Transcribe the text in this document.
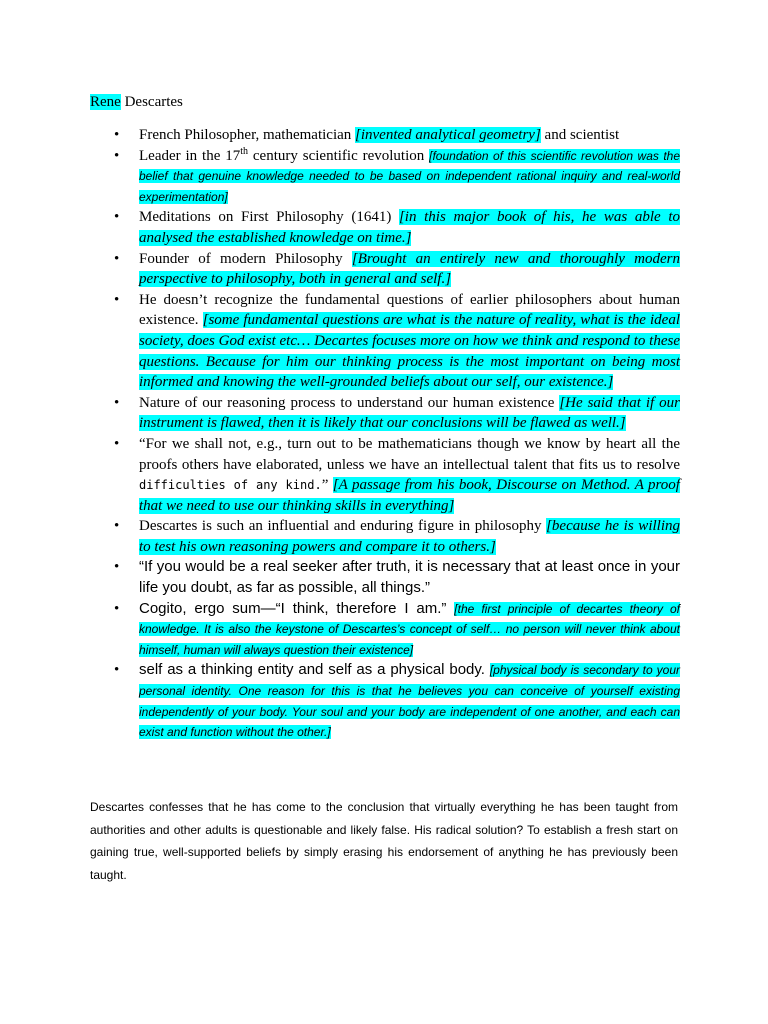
Rene Descartes
• French Philosopher, mathematician [invented analytical geometry] and scientist
• Leader in the 17th century scientific revolution [foundation of this scientific revolution was the belief that genuine knowledge needed to be based on independent rational inquiry and real-world experimentation]
• Meditations on First Philosophy (1641) [in this major book of his, he was able to analysed the established knowledge on time.]
• Founder of modern Philosophy [Brought an entirely new and thoroughly modern perspective to philosophy, both in general and self.]
• He doesn’t recognize the fundamental questions of earlier philosophers about human existence. [some fundamental questions are what is the nature of reality, what is the ideal society, does God exist etc… Decartes focuses more on how we think and respond to these questions. Because for him our thinking process is the most important on being most informed and knowing the well-grounded beliefs about our self, our existence.]
• Nature of our reasoning process to understand our human existence [He said that if our instrument is flawed, then it is likely that our conclusions will be flawed as well.]
• “For we shall not, e.g., turn out to be mathematicians though we know by heart all the proofs others have elaborated, unless we have an intellectual talent that fits us to resolve difficulties of any kind.” [A passage from his book, Discourse on Method. A proof that we need to use our thinking skills in everything]
• Descartes is such an influential and enduring figure in philosophy [because he is willing to test his own reasoning powers and compare it to others.]
• “If you would be a real seeker after truth, it is necessary that at least once in your life you doubt, as far as possible, all things.”
• Cogito, ergo sum—“I think, therefore I am.” [the first principle of decartes theory of knowledge. It is also the keystone of Descartes’s concept of self… no person will never think about himself, human will always question their existence]
• self as a thinking entity and self as a physical body. [physical body is secondary to your personal identity. One reason for this is that he believes you can conceive of yourself existing independently of your body. Your soul and your body are independent of one another, and each can exist and function without the other.]

Descartes confesses that he has come to the conclusion that virtually everything he has been taught from authorities and other adults is questionable and likely false. His radical solution? To establish a fresh start on gaining true, well-supported beliefs by simply erasing his endorsement of anything he has previously been taught.
